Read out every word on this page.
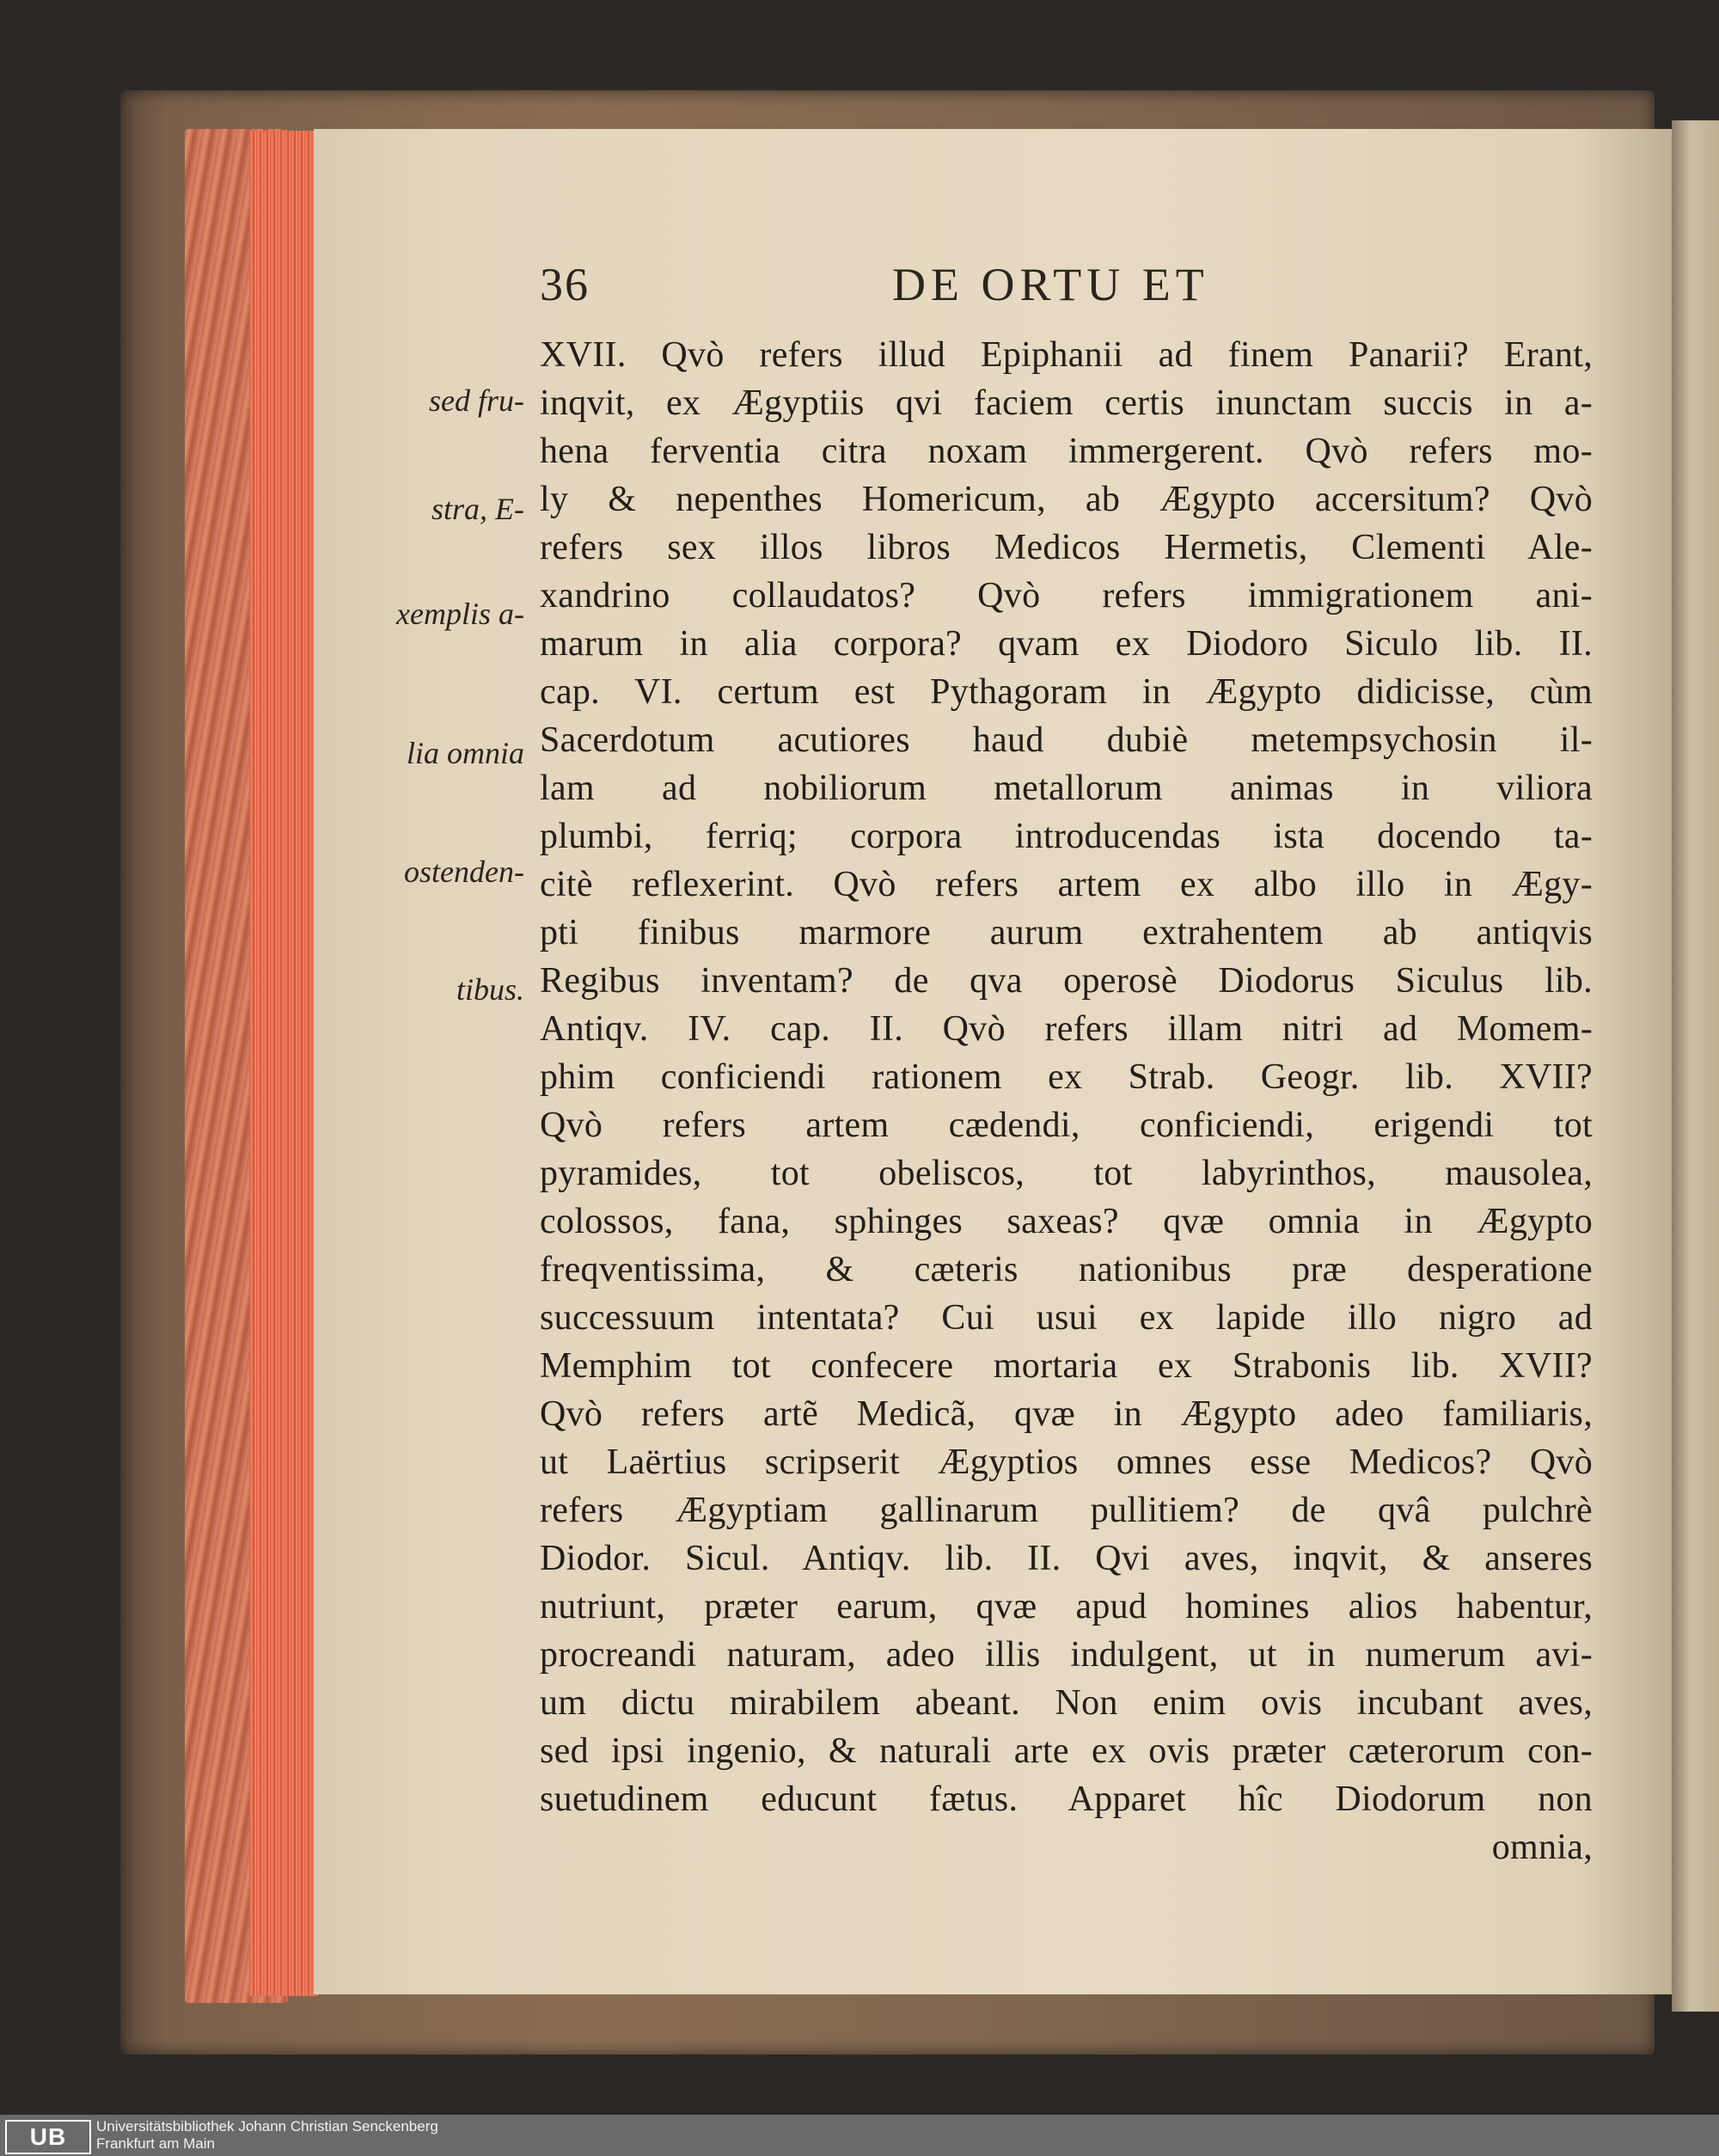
36	DE ORTU ET
sed fru-
stra, E-
xemplis a-
lia omnia
ostenden-
tibus.
XVII. Qvò refers illud Epiphanii ad finem Panarii? Erant,
inqvit, ex Ægyptiis qvi faciem certis inunctam succis in a-
hena ferventia citra noxam immergerent. Qvò refers mo-
ly & nepenthes Homericum, ab Ægypto accersitum? Qvò
refers sex illos libros Medicos Hermetis, Clementi Ale-
xandrino collaudatos? Qvò refers immigrationem ani-
marum in alia corpora? qvam ex Diodoro Siculo lib. II.
cap. VI. certum est Pythagoram in Ægypto didicisse, cùm
Sacerdotum acutiores haud dubiè metempsychosin il-
lam ad nobiliorum metallorum animas in viliora
plumbi, ferriq; corpora introducendas ista docendo ta-
citè reflexerint. Qvò refers artem ex albo illo in Ægy-
pti finibus marmore aurum extrahentem ab antiqvis
Regibus inventam? de qva operosè Diodorus Siculus lib.
Antiqv. IV. cap. II. Qvò refers illam nitri ad Momem-
phim conficiendi rationem ex Strab. Geogr. lib. XVII?
Qvò refers artem cædendi, conficiendi, erigendi tot
pyramides, tot obeliscos, tot labyrinthos, mausolea,
colossos, fana, sphinges saxeas? qvæ omnia in Ægypto
freqventissima, & cæteris nationibus præ desperatione
successuum intentata? Cui usui ex lapide illo nigro ad
Memphim tot confecere mortaria ex Strabonis lib. XVII?
Qvò refers artẽ Medicã, qvæ in Ægypto adeo familiaris,
ut Laërtius scripserit Ægyptios omnes esse Medicos? Qvò
refers Ægyptiam gallinarum pullitiem? de qvâ pulchrè
Diodor. Sicul. Antiqv. lib. II. Qvi aves, inqvit, & anseres
nutriunt, præter earum, qvæ apud homines alios habentur,
procreandi naturam, adeo illis indulgent, ut in numerum avi-
um dictu mirabilem abeant. Non enim ovis incubant aves,
sed ipsi ingenio, & naturali arte ex ovis præter cæterorum con-
suetudinem educunt fætus. Apparet hîc Diodorum non
omnia,
UB	Universitätsbibliothek Johann Christian Senckenberg
Frankfurt am Main
